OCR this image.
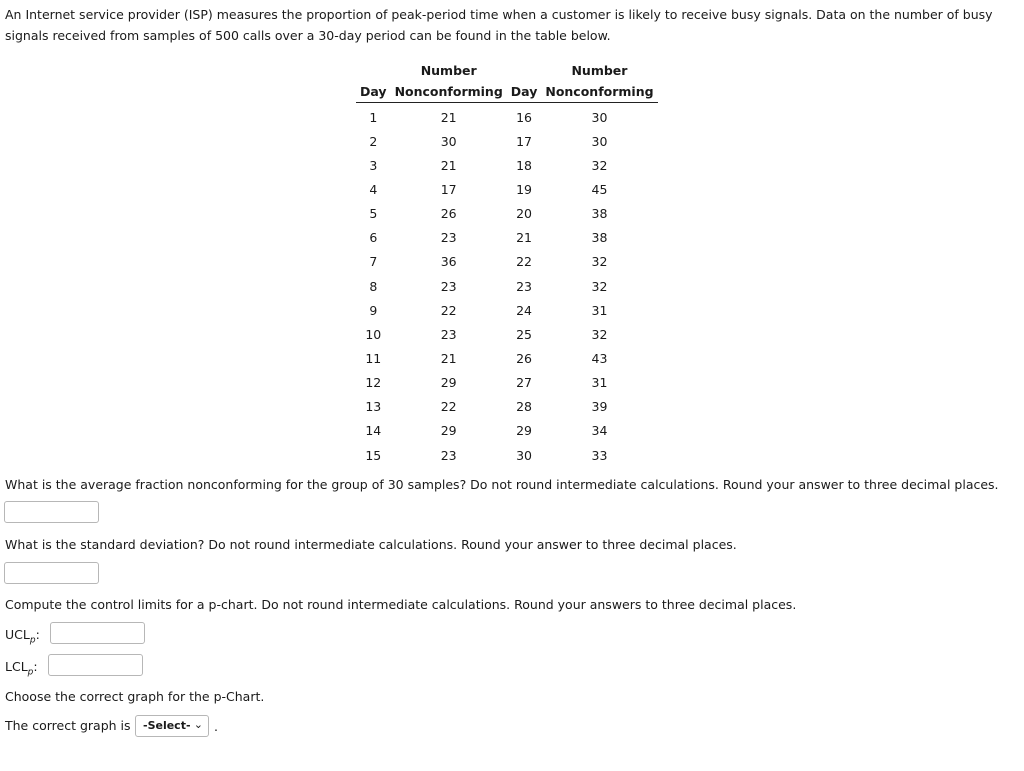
An Internet service provider (ISP) measures the proportion of peak-period time when a customer is likely to receive busy signals. Data on the number of busy signals received from samples of 500 calls over a 30-day period can be found in the table below.

	Number		Number
Day	Nonconforming	Day	Nonconforming
1	21	16	30
2	30	17	30
3	21	18	32
4	17	19	45
5	26	20	38
6	23	21	38
7	36	22	32
8	23	23	32
9	22	24	31
10	23	25	32
11	21	26	43
12	29	27	31
13	22	28	39
14	29	29	34
15	23	30	33

What is the average fraction nonconforming for the group of 30 samples? Do not round intermediate calculations. Round your answer to three decimal places.

What is the standard deviation? Do not round intermediate calculations. Round your answer to three decimal places.

Compute the control limits for a p-chart. Do not round intermediate calculations. Round your answers to three decimal places.

$UCL_p$:
$LCL_p$:

Choose the correct graph for the p-Chart.

The correct graph is	-Select- ⌄ .
